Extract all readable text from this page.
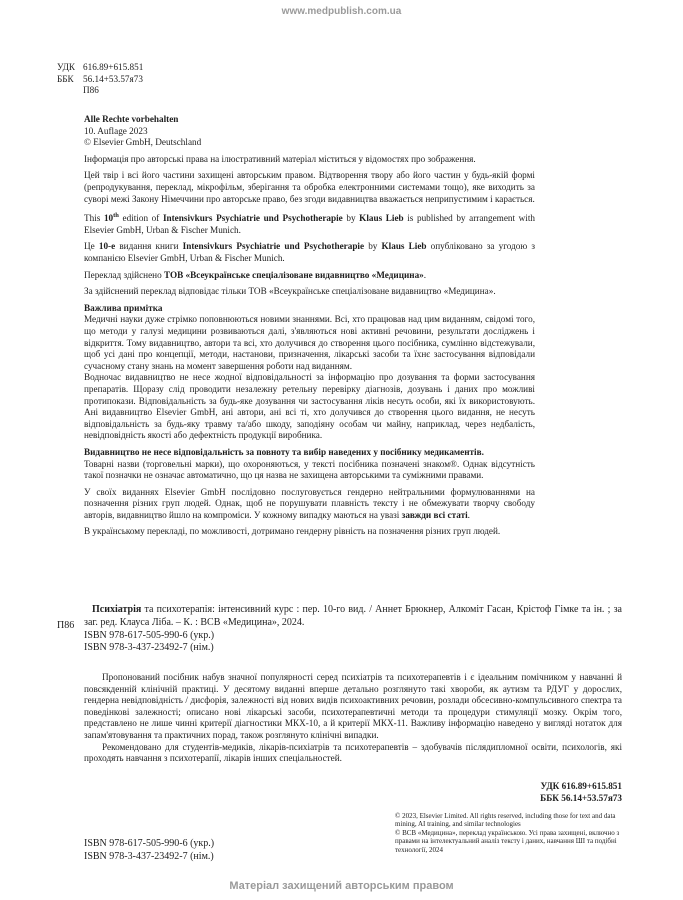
www.medpublish.com.ua
УДК 616.89+615.851
ББК 56.14+53.57я73
П86
Alle Rechte vorbehalten
10. Auflage 2023
© Elsevier GmbH, Deutschland

Інформація про авторські права на ілюстративний матеріал міститься у відомостях про зображення.

Цей твір і всі його частини захищені авторським правом. Відтворення твору або його частин у будь-якій формі (репродукування, переклад, мікрофільм, зберігання та обробка електронними системами тощо), яке виходить за суворі межі Закону Німеччини про авторське право, без згоди видавництва вважається неприпустимим і карається.

This 10th edition of Intensivkurs Psychiatrie und Psychotherapie by Klaus Lieb is published by arrangement with Elsevier GmbH, Urban & Fischer Munich.

Це 10-е видання книги Intensivkurs Psychiatrie und Psychotherapie by Klaus Lieb опубліковано за угодою з компанією Elsevier GmbH, Urban & Fischer Munich.

Переклад здійснено ТОВ «Всеукраїнське спеціалізоване видавництво «Медицина».

За здійснений переклад відповідає тільки ТОВ «Всеукраїнське спеціалізоване видавництво «Медицина».

Важлива примітка

Медичні науки дуже стрімко поповнюються новими знаннями. Всі, хто працював над цим виданням, свідомі того, що методи у галузі медицини розвиваються далі, з'являються нові активні речовини, результати досліджень і відкриття. Тому видавництво, автори та всі, хто долучився до створення цього посібника, сумлінно відстежували, щоб усі дані про концепції, методи, настанови, призначення, лікарські засоби та їхнє застосування відповідали сучасному стану знань на момент завершення роботи над виданням.

Водночас видавництво не несе жодної відповідальності за інформацію про дозування та форми застосування препаратів. Щоразу слід проводити незалежну ретельну перевірку діагнозів, дозувань і даних про можливі протипокази. Відповідальність за будь-яке дозування чи застосування ліків несуть особи, які їх використовують. Ані видавництво Elsevier GmbH, ані автори, ані всі ті, хто долучився до створення цього видання, не несуть відповідальність за будь-яку травму та/або шкоду, заподіяну особам чи майну, наприклад, через недбалість, невідповідність якості або дефектність продукції виробника.

Видавництво не несе відповідальність за повноту та вибір наведених у посібнику медикаментів.

Товарні назви (торговельні марки), що охороняються, у тексті посібника позначені знаком®. Однак відсутність такої позначки не означає автоматично, що ця назва не захищена авторськими та суміжними правами.

У своїх виданнях Elsevier GmbH послідовно послуговується гендерно нейтральними формулюваннями на позначення різних груп людей. Однак, щоб не порушувати плавність тексту і не обмежувати творчу свободу авторів, видавництво йшло на компроміси. У кожному випадку маються на увазі завжди всі статі.

В українському перекладі, по можливості, дотримано гендерну рівність на позначення різних груп людей.

П86

Психіатрія та психотерапія: інтенсивний курс : пер. 10-го вид. / Аннет Брюкнер, Алкоміт Гасан, Крістоф Гімке та ін. ; за заг. ред. Клауса Ліба. – К. : ВСВ «Медицина», 2024.

ISBN 978-617-505-990-6 (укр.)
ISBN 978-3-437-23492-7 (нім.)

Пропонований посібник набув значної популярності серед психіатрів та психотерапевтів і є ідеальним помічником у навчанні й повсякденній клінічній практиці. У десятому виданні вперше детально розглянуто такі хвороби, як аутизм та РДУГ у дорослих, гендерна невідповідність / дисфорія, залежності від нових видів психоактивних речовин, розлади обсесивно-компульсивного спектра та поведінкові залежності; описано нові лікарські засоби, психотерапевтичні методи та процедури стимуляції мозку. Окрім того, представлено не лише чинні критерії діагностики МКХ-10, а й критерії МКХ-11. Важливу інформацію наведено у вигляді нотаток для запам'ятовування та практичних порад, також розглянуто клінічні випадки.

Рекомендовано для студентів-медиків, лікарів-психіатрів та психотерапевтів – здобувачів післядипломної освіти, психологів, які проходять навчання з психотерапії, лікарів інших спеціальностей.

УДК 616.89+615.851
ББК 56.14+53.57я73
© 2023, Elsevier Limited. All rights reserved, including those for text and data mining, AI training, and similar technologies
© ВСВ «Медицина», переклад українською. Усі права захищені, включно з правами на інтелектуальний аналіз тексту і даних, навчання ШІ та подібні технології, 2024
ISBN 978-617-505-990-6 (укр.)
ISBN 978-3-437-23492-7 (нім.)
Матеріал захищений авторським правом
